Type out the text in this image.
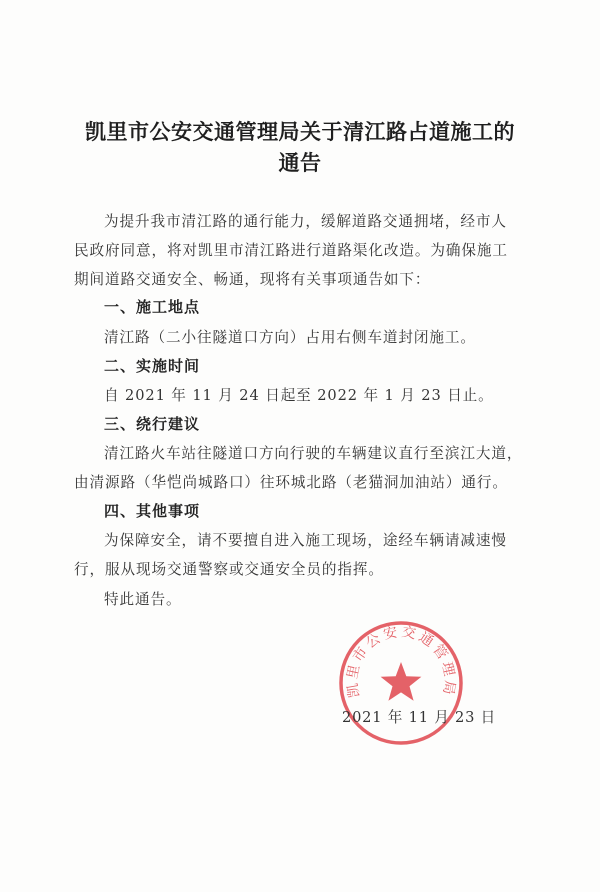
凯里市公安交通管理局关于清江路占道施工的
通告
为提升我市清江路的通行能力，缓解道路交通拥堵，经市人
民政府同意，将对凯里市清江路进行道路渠化改造。为确保施工
期间道路交通安全、畅通，现将有关事项通告如下：
一、施工地点
清江路（二小往隧道口方向）占用右侧车道封闭施工。
二、实施时间
自 2021 年 11 月 24 日起至 2022 年 1 月 23 日止。
三、绕行建议
清江路火车站往隧道口方向行驶的车辆建议直行至滨江大道，
由清源路（华恺尚城路口）往环城北路（老猫洞加油站）通行。
四、其他事项
为保障安全，请不要擅自进入施工现场，途经车辆请减速慢
行，服从现场交通警察或交通安全员的指挥。
特此通告。
凯里市公安交通管理局
2021 年 11 月 23 日
